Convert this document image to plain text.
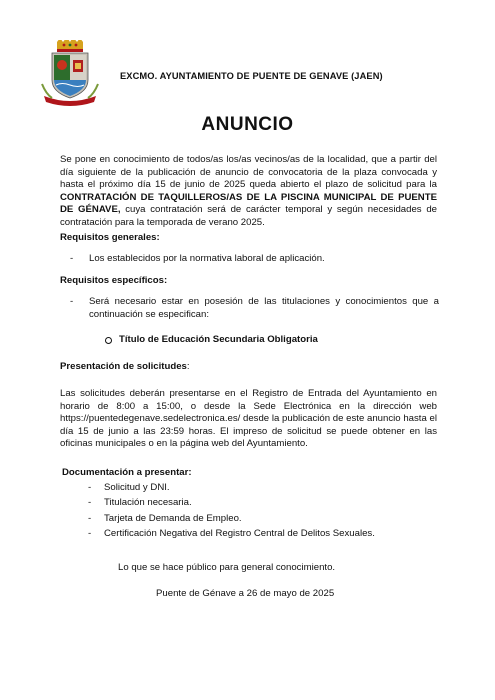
EXCMO. AYUNTAMIENTO DE PUENTE DE GENAVE (JAEN)
ANUNCIO
Se pone en conocimiento de todos/as los/as vecinos/as de la localidad, que a partir del día siguiente de la publicación de anuncio de convocatoria de la plaza convocada y hasta el próximo día 15 de junio de 2025 queda abierto el plazo de solicitud para la CONTRATACIÓN DE TAQUILLEROS/AS DE LA PISCINA MUNICIPAL DE PUENTE DE GÉNAVE, cuya contratación será de carácter temporal y según necesidades de contratación para la temporada de verano 2025.
Requisitos generales:
- Los establecidos por la normativa laboral de aplicación.
Requisitos específicos:
- Será necesario estar en posesión de las titulaciones y conocimientos que a continuación se especifican:
Título de Educación Secundaria Obligatoria
Presentación de solicitudes:
Las solicitudes deberán presentarse en el Registro de Entrada del Ayuntamiento en horario de 8:00 a 15:00, o desde la Sede Electrónica en la dirección web https://puentedegenave.sedelectronica.es/ desde la publicación de este anuncio hasta el día 15 de junio a las 23:59 horas. El impreso de solicitud se puede obtener en las oficinas municipales o en la página web del Ayuntamiento.
Documentación a presentar:
- Solicitud y DNI.
- Titulación necesaria.
- Tarjeta de Demanda de Empleo.
- Certificación Negativa del Registro Central de Delitos Sexuales.
Lo que se hace público para general conocimiento.
Puente de Génave a 26 de mayo de 2025
